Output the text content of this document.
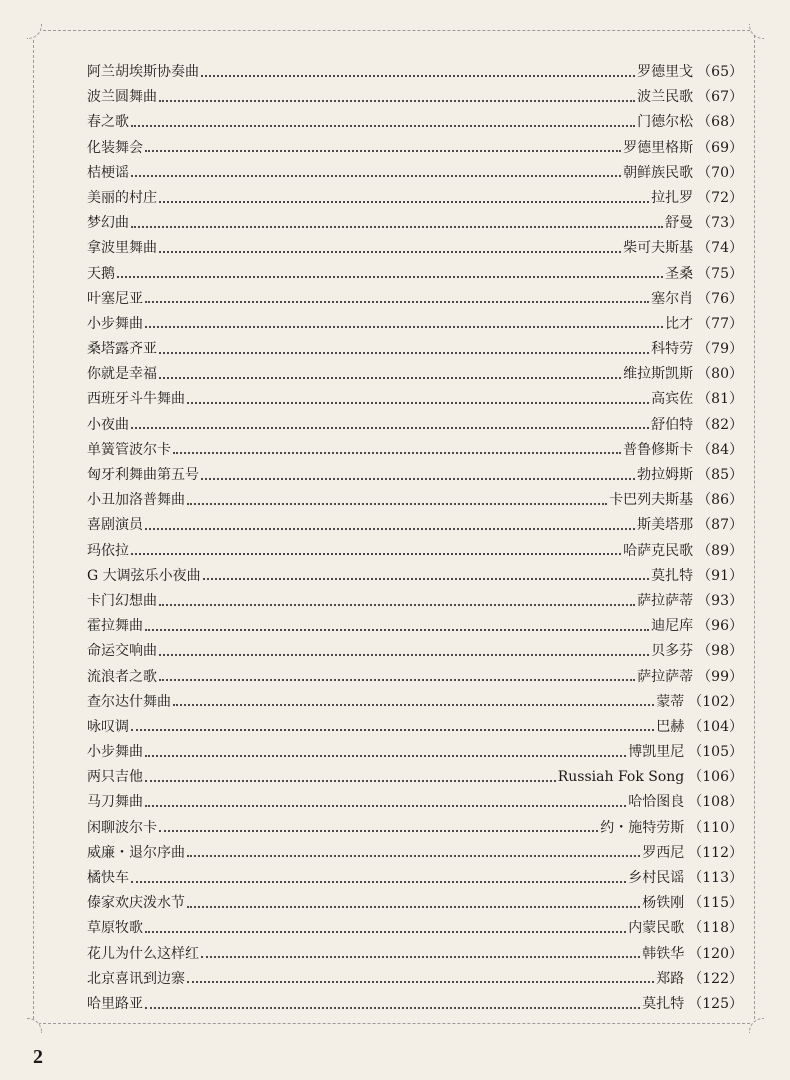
阿兰胡埃斯协奏曲	罗德里戈 （65）
波兰圆舞曲	波兰民歌 （67）
春之歌	门德尔松 （68）
化装舞会	罗德里格斯 （69）
桔梗谣	朝鲜族民歌 （70）
美丽的村庄	拉扎罗 （72）
梦幻曲	舒曼 （73）
拿波里舞曲	柴可夫斯基 （74）
天鹅	圣桑 （75）
叶塞尼亚	塞尔肖 （76）
小步舞曲	比才 （77）
桑塔露齐亚	科特劳 （79）
你就是幸福	维拉斯凯斯 （80）
西班牙斗牛舞曲	高宾佐 （81）
小夜曲	舒伯特 （82）
单簧管波尔卡	普鲁修斯卡 （84）
匈牙利舞曲第五号	勃拉姆斯 （85）
小丑加洛普舞曲	卡巴列夫斯基 （86）
喜剧演员	斯美塔那 （87）
玛依拉	哈萨克民歌 （89）
G 大调弦乐小夜曲	莫扎特 （91）
卡门幻想曲	萨拉萨蒂 （93）
霍拉舞曲	迪尼库 （96）
命运交响曲	贝多芬 （98）
流浪者之歌	萨拉萨蒂 （99）
查尔达什舞曲	蒙蒂 （102）
咏叹调	巴赫 （104）
小步舞曲	博凯里尼 （105）
两只吉他	Russiah Fok Song （106）
马刀舞曲	哈恰图良 （108）
闲聊波尔卡	约・施特劳斯 （110）
威廉・退尔序曲	罗西尼 （112）
橘快车	乡村民谣 （113）
傣家欢庆泼水节	杨铁刚 （115）
草原牧歌	内蒙民歌 （118）
花儿为什么这样红	韩铁华 （120）
北京喜讯到边寨	郑路 （122）
哈里路亚	莫扎特 （125）
2
